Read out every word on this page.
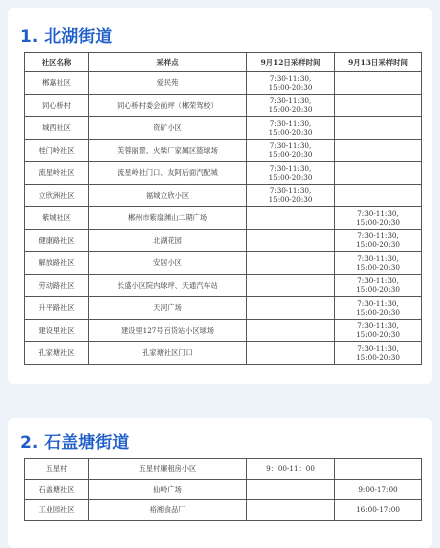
1. 北湖街道
社区名称	采样点	9月12日采样时间	9月13日采样时间
郴嘉社区	爱民苑	7:30-11:30,
15:00-20:30	
同心桥村	同心桥村委会前坪（郴荣驾校）	7:30-11:30,
15:00-20:30	
城西社区	资矿小区	7:30-11:30,
15:00-20:30	
桂门岭社区	芙蓉丽景、火柴厂家属区篮球场	7:30-11:30,
15:00-20:30	
流星岭社区	流星岭社门口、友阿后面汽配城	7:30-11:30,
15:00-20:30	
立欣洲社区	福城立欣小区	7:30-11:30,
15:00-20:30	
紫城社区	郴州市紫扇渊山二期广场		7:30-11:30,
15:00-20:30
健康路社区	北湖花园		7:30-11:30,
15:00-20:30
解放路社区	安居小区		7:30-11:30,
15:00-20:30
劳动路社区	长盛小区院内球坪、天通汽车站		7:30-11:30,
15:00-20:30
升平路社区	天河广场		7:30-11:30,
15:00-20:30
建设里社区	建设里127号百货站小区球场		7:30-11:30,
15:00-20:30
孔家塘社区	孔家塘社区门口		7:30-11:30,
15:00-20:30
2. 石盖塘街道
五星村	五星村廉租房小区	9：00-11：00	
石盖塘社区	仙岭广场		9:00-17:00
工业园社区	裕湘食品厂		16:00-17:00
